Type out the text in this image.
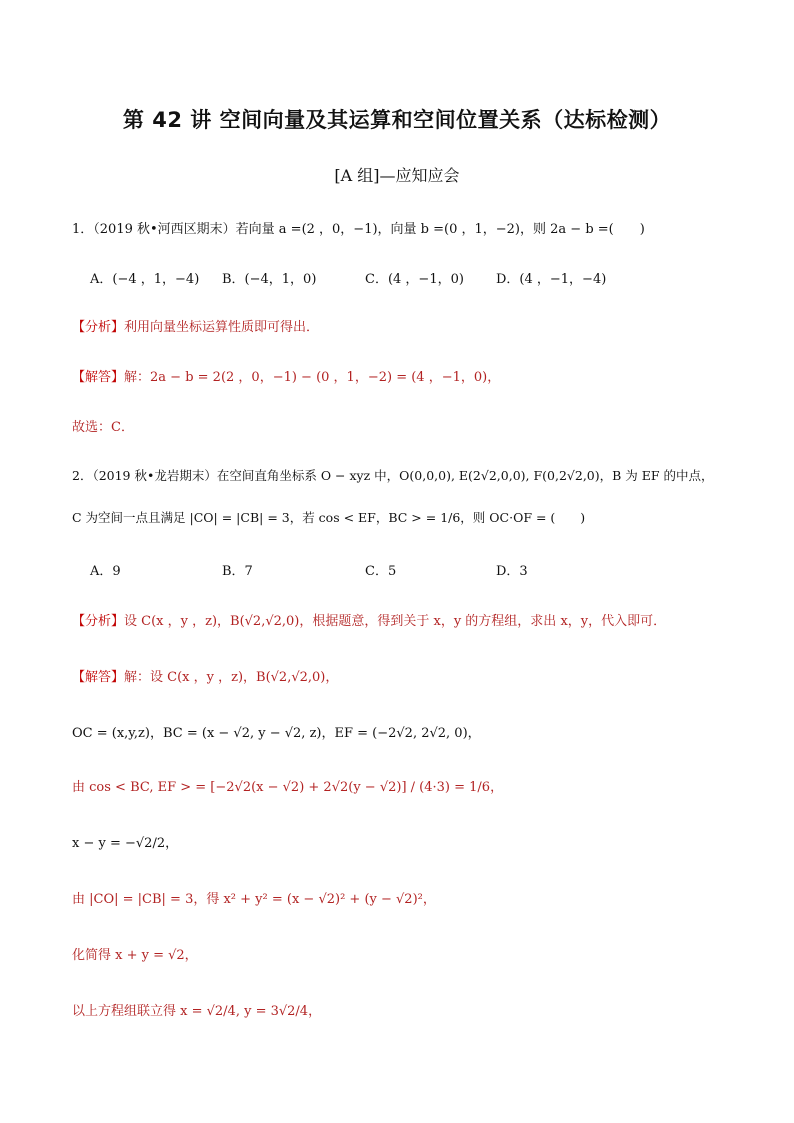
第 42 讲 空间向量及其运算和空间位置关系（达标检测）
[A 组]—应知应会
1．（2019 秋•河西区期末）若向量 a =(2 ，0，−1)，向量 b =(0 ，1，−2)，则 2a − b =(　　)
A．(−4 ，1，−4) B．(−4，1，0)	C．(4 ，−1，0) D．(4 ，−1，−4)
【分析】利用向量坐标运算性质即可得出．
【解答】解：2a − b = 2(2 ，0，−1) − (0 ，1，−2) = (4 ，−1，0)，
故选：C．
2．（2019 秋•龙岩期末）在空间直角坐标系 O − xyz 中，O(0,0,0), E(2√2,0,0), F(0,2√2,0)，B 为 EF 的中点，
C 为空间一点且满足 |CO| = |CB| = 3，若 cos < EF，BC > = 1/6，则 OC·OF = (　　)
A．9	B．7	C．5	D．3
【分析】设 C(x ，y ，z)，B(√2,√2,0)，根据题意，得到关于 x，y 的方程组，求出 x，y，代入即可．
【解答】解：设 C(x ，y ，z)，B(√2,√2,0)，
OC = (x,y,z)，BC = (x − √2, y − √2, z)，EF = (−2√2, 2√2, 0)，
由 cos < BC, EF > = [−2√2(x − √2) + 2√2(y − √2)] / (4·3) = 1/6，
x − y = −√2/2，
由 |CO| = |CB| = 3，得 x² + y² = (x − √2)² + (y − √2)²，
化简得 x + y = √2，
以上方程组联立得 x = √2/4, y = 3√2/4，
